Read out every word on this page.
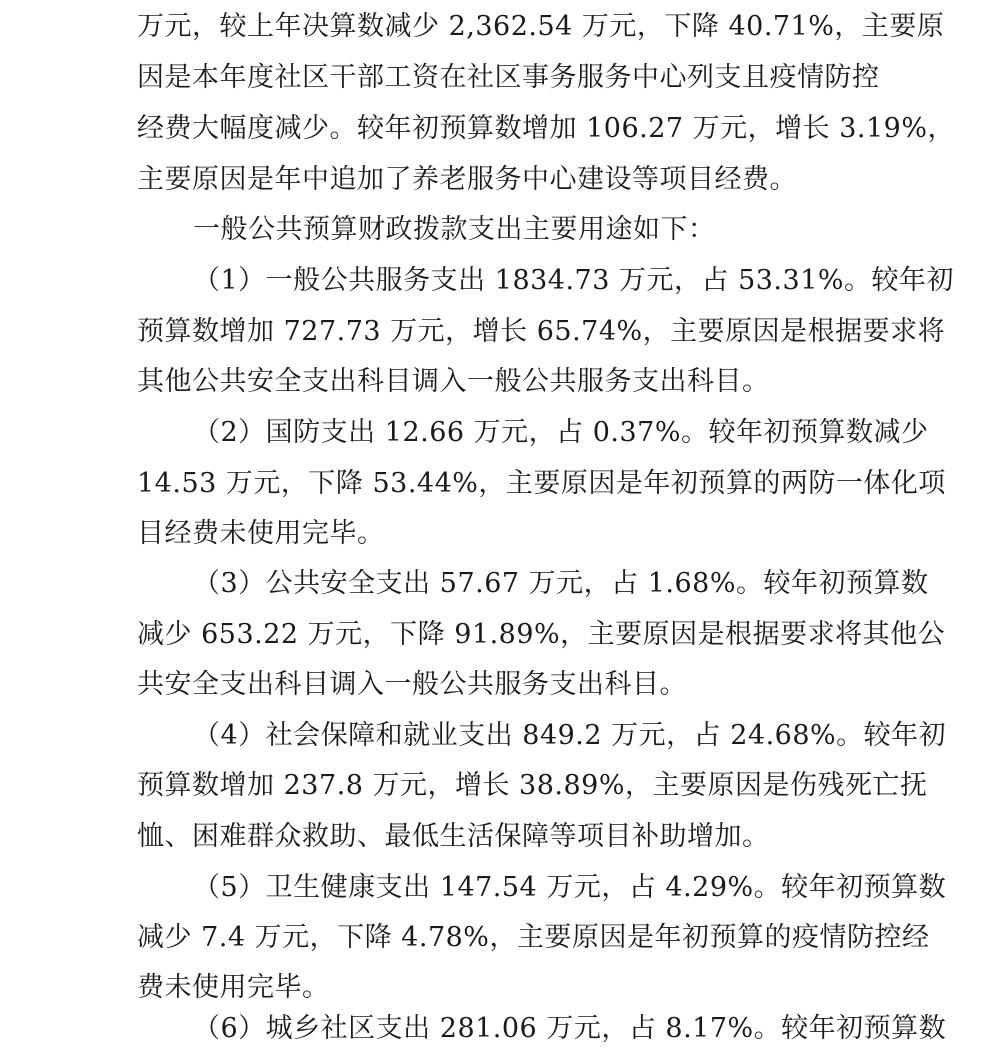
万元，较上年决算数减少 2,362.54 万元，下降 40.71%，主要原
因是本年度社区干部工资在社区事务服务中心列支且疫情防控
经费大幅度减少。较年初预算数增加 106.27 万元，增长 3.19%，
主要原因是年中追加了养老服务中心建设等项目经费。
一般公共预算财政拨款支出主要用途如下：
（1）一般公共服务支出 1834.73 万元，占 53.31%。较年初
预算数增加 727.73 万元，增长 65.74%，主要原因是根据要求将
其他公共安全支出科目调入一般公共服务支出科目。
（2）国防支出 12.66 万元，占 0.37%。较年初预算数减少
14.53 万元，下降 53.44%，主要原因是年初预算的两防一体化项
目经费未使用完毕。
（3）公共安全支出 57.67 万元，占 1.68%。较年初预算数
减少 653.22 万元，下降 91.89%，主要原因是根据要求将其他公
共安全支出科目调入一般公共服务支出科目。
（4）社会保障和就业支出 849.2 万元，占 24.68%。较年初
预算数增加 237.8 万元，增长 38.89%，主要原因是伤残死亡抚
恤、困难群众救助、最低生活保障等项目补助增加。
（5）卫生健康支出 147.54 万元，占 4.29%。较年初预算数
减少 7.4 万元，下降 4.78%，主要原因是年初预算的疫情防控经
费未使用完毕。
（6）城乡社区支出 281.06 万元，占 8.17%。较年初预算数
